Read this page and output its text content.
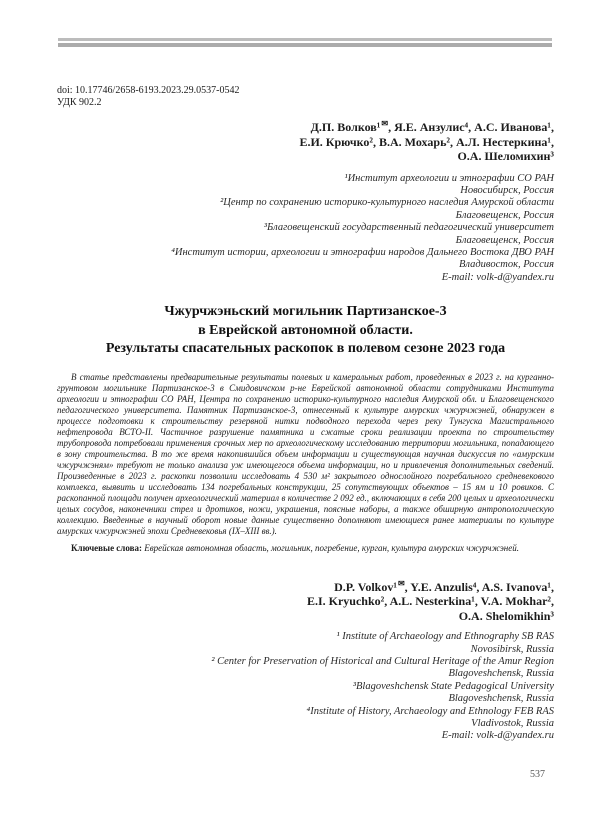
doi: 10.17746/2658-6193.2023.29.0537-0542
УДК 902.2
Д.П. Волков¹✉, Я.Е. Анзулис⁴, А.С. Иванова¹,
Е.И. Крючко², В.А. Мохарь², А.Л. Нестеркина¹,
О.А. Шеломихин³
¹Институт археологии и этнографии СО РАН
Новосибирск, Россия
²Центр по сохранению историко-культурного наследия Амурской области
Благовещенск, Россия
³Благовещенский государственный педагогический университет
Благовещенск, Россия
⁴Институт истории, археологии и этнографии народов Дальнего Востока ДВО РАН
Владивосток, Россия
E-mail: volk-d@yandex.ru
Чжурчжэньский могильник Партизанское-3
в Еврейской автономной области.
Результаты спасательных раскопок в полевом сезоне 2023 года
В статье представлены предварительные результаты полевых и камеральных работ, проведенных в 2023 г. на курганно-грунтовом могильнике Партизанское-3 в Смидовичском р-не Еврейской автономной области сотрудниками Института археологии и этнографии СО РАН, Центра по сохранению историко-культурного наследия Амурской обл. и Благовещенского педагогического университета. Памятник Партизанское-3, отнесенный к культуре амурских чжурчжэней, обнаружен в процессе подготовки к строительству резервной нитки подводного перехода через реку Тунгуска Магистрального нефтепровода ВСТО-II. Частичное разрушение памятника и сжатые сроки реализации проекта по строительству трубопровода потребовали применения срочных мер по археологическому исследованию территории могильника, попадающего в зону строительства. В то же время накопившийся объем информации и существующая научная дискуссия по «амурским чжурчжэням» требуют не только анализа уж имеющегося объема информации, но и привлечения дополнительных сведений. Произведенные в 2023 г. раскопки позволили исследовать 4 530 м² закрытого однослойного погребального средневекового комплекса, выявить и исследовать 134 погребальных конструкции, 25 сопутствующих объектов – 15 ям и 10 ровиков. С раскопанной площади получен археологический материал в количестве 2 092 ед., включающих в себя 200 целых и археологически целых сосудов, наконечники стрел и дротиков, ножи, украшения, поясные наборы, а также обширную антропологическую коллекцию. Введенные в научный оборот новые данные существенно дополняют имеющиеся ранее материалы по культуре амурских чжурчжэней эпохи Средневековья (IX–XIII вв.).
Ключевые слова: Еврейская автономная область, могильник, погребение, курган, культура амурских чжурчжэней.
D.P. Volkov¹✉, Y.E. Anzulis⁴, A.S. Ivanova¹,
E.I. Kryuchko², A.L. Nesterkina¹, V.A. Mokhar²,
O.A. Shelomikhin³
¹ Institute of Archaeology and Ethnography SB RAS
Novosibirsk, Russia
² Center for Preservation of Historical and Cultural Heritage of the Amur Region
Blagoveshchensk, Russia
³Blagoveshchensk State Pedagogical University
Blagoveshchensk, Russia
⁴Institute of History, Archaeology and Ethnology FEB RAS
Vladivostok, Russia
E-mail: volk-d@yandex.ru
537
